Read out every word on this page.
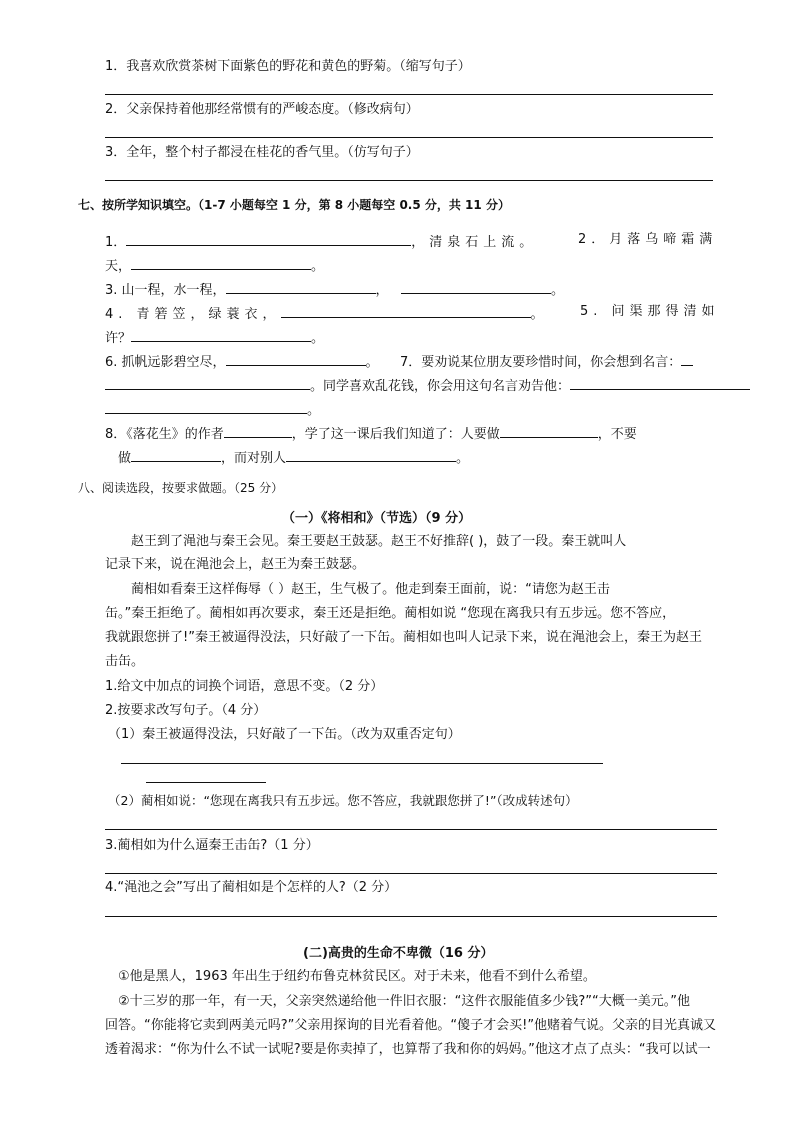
1．我喜欢欣赏茶树下面紫色的野花和黄色的野菊。（缩写句子）
2．父亲保持着他那经常惯有的严峻态度。（修改病句）
3．全年，整个村子都浸在桂花的香气里。（仿写句子）
七、按所学知识填空。（1-7 小题每空 1 分，第 8 小题每空 0.5 分，共 11 分）
1．	，清泉石上流。	2．月落乌啼霜满
天，	。
3. 山一程，水一程，	，	。
4. 青箬笠，绿蓑衣，	。	5. 问渠那得清如
许？	。
6. 抓帆远影碧空尽，	。 7．要劝说某位朋友要珍惜时间，你会想到名言：
。同学喜欢乱花钱，你会用这句名言劝告他：
。
8．《落花生》的作者	，学了这一课后我们知道了：人要做	，不要
做	，而对别人	。
八、阅读选段，按要求做题。（25 分）
（一）《将相和》（节选）（9 分）
赵王到了渑池与秦王会见。秦王要赵王鼓瑟。赵王不好推辞( )，鼓了一段。秦王就叫人
记录下来，说在渑池会上，赵王为秦王鼓瑟。
蔺相如看秦王这样侮辱（ ）赵王，生气极了。他走到秦王面前，说：“请您为赵王击
缶。”秦王拒绝了。蔺相如再次要求，秦王还是拒绝。蔺相如说 “您现在离我只有五步远。您不答应，
我就跟您拼了!”秦王被逼得没法，只好敲了一下缶。蔺相如也叫人记录下来，说在渑池会上，秦王为赵王
击缶。
1.给文中加点的词换个词语，意思不变。（2 分）
2.按要求改写句子。（4 分）
（1）秦王被逼得没法，只好敲了一下缶。（改为双重否定句）
（2）蔺相如说：“您现在离我只有五步远。您不答应，我就跟您拼了!”（改成转述句）
3.蔺相如为什么逼秦王击缶?（1 分）
4.“渑池之会”写出了蔺相如是个怎样的人?（2 分）
(二)高贵的生命不卑微（16 分）
①他是黑人，1963 年出生于纽约布鲁克林贫民区。对于未来，他看不到什么希望。
②十三岁的那一年，有一天，父亲突然递给他一件旧衣服：“这件衣服能值多少钱?”“大概一美元。”他
回答。“你能将它卖到两美元吗?”父亲用探询的目光看着他。“傻子才会买!”他赌着气说。父亲的目光真诚又
透着渴求：“你为什么不试一试呢?要是你卖掉了，也算帮了我和你的妈妈。”他这才点了点头：“我可以试一
